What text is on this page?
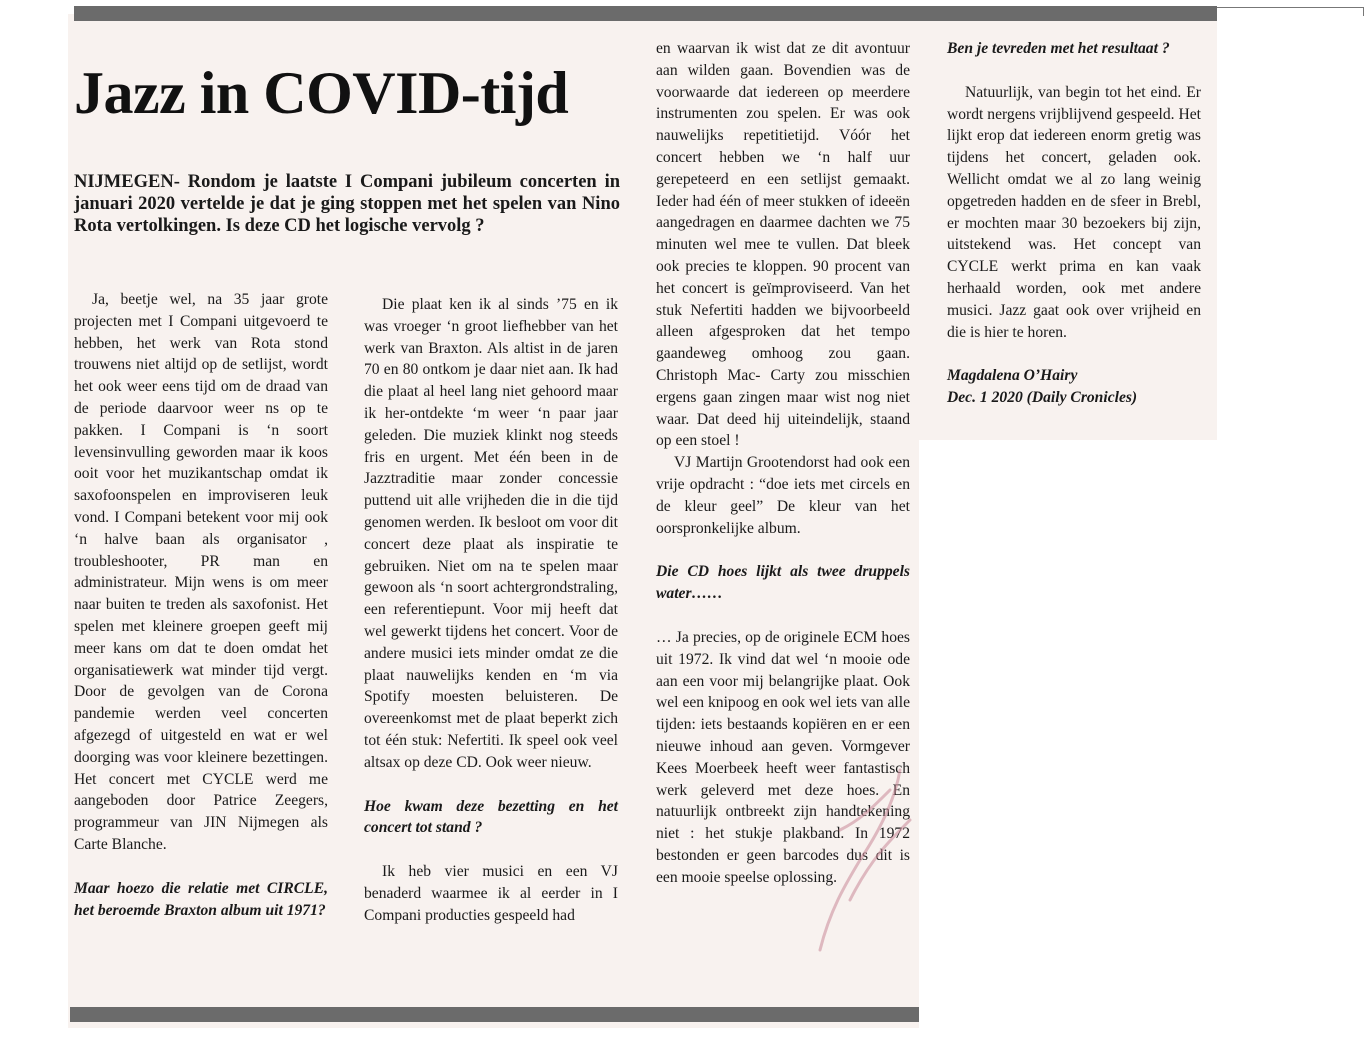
Jazz in COVID-tijd

NIJMEGEN- Rondom je laatste I Compani jubileum concerten in januari 2020 vertelde je dat je ging stoppen met het spelen van Nino Rota vertolkingen. Is deze CD het logische vervolg ?

Ja, beetje wel, na 35 jaar grote projecten met I Compani uitgevoerd te hebben, het werk van Rota stond trouwens niet altijd op de setlijst, wordt het ook weer eens tijd om de draad van de periode daarvoor weer ns op te pakken. I Compani is ‘n soort levensinvulling geworden maar ik koos ooit voor het muzikantschap omdat ik saxofoonspelen en improviseren leuk vond. I Compani betekent voor mij ook ‘n halve baan als organisator , troubleshooter, PR man en administrateur. Mijn wens is om meer naar buiten te treden als saxofonist. Het spelen met kleinere groepen geeft mij meer kans om dat te doen omdat het organisatiewerk wat minder tijd vergt. Door de gevolgen van de Corona pandemie werden veel concerten afgezegd of uitgesteld en wat er wel doorging was voor kleinere bezettingen. Het concert met CYCLE werd me aangeboden door Patrice Zeegers, programmeur van JIN Nijmegen als Carte Blanche.

Maar hoezo die relatie met CIRCLE, het beroemde Braxton album uit 1971?

Die plaat ken ik al sinds ’75 en ik was vroeger ‘n groot liefhebber van het werk van Braxton. Als altist in de jaren 70 en 80 ontkom je daar niet aan. Ik had die plaat al heel lang niet gehoord maar ik her-ontdekte ‘m weer ‘n paar jaar geleden. Die muziek klinkt nog steeds fris en urgent. Met één been in de Jazztraditie maar zonder concessie puttend uit alle vrijheden die in die tijd genomen werden. Ik besloot om voor dit concert deze plaat als inspiratie te gebruiken. Niet om na te spelen maar gewoon als ‘n soort achtergrondstraling, een referentiepunt. Voor mij heeft dat wel gewerkt tijdens het concert. Voor de andere musici iets minder omdat ze die plaat nauwelijks kenden en ‘m via Spotify moesten beluisteren. De overeenkomst met de plaat beperkt zich tot één stuk: Nefertiti. Ik speel ook veel altsax op deze CD. Ook weer nieuw.

Hoe kwam deze bezetting en het concert tot stand ?

Ik heb vier musici en een VJ benaderd waarmee ik al eerder in I Compani producties gespeeld had

en waarvan ik wist dat ze dit avontuur aan wilden gaan. Bovendien was de voorwaarde dat iedereen op meerdere instrumenten zou spelen. Er was ook nauwelijks repetitietijd. Vóór het concert hebben we ‘n half uur gerepeteerd en een setlijst gemaakt. Ieder had één of meer stukken of ideeën aangedragen en daarmee dachten we 75 minuten wel mee te vullen. Dat bleek ook precies te kloppen. 90 procent van het concert is geïmproviseerd. Van het stuk Nefertiti hadden we bijvoorbeeld alleen afgesproken dat het tempo gaandeweg omhoog zou gaan. Christoph Mac- Carty zou misschien ergens gaan zingen maar wist nog niet waar. Dat deed hij uiteindelijk, staand op een stoel !

VJ Martijn Grootendorst had ook een vrije opdracht : “doe iets met circels en de kleur geel” De kleur van het oorspronkelijke album.

Die CD hoes lijkt als twee druppels water……

… Ja precies, op de originele ECM hoes uit 1972. Ik vind dat wel ‘n mooie ode aan een voor mij belangrijke plaat. Ook wel een knipoog en ook wel iets van alle tijden: iets bestaands kopiëren en er een nieuwe inhoud aan geven. Vormgever Kees Moerbeek heeft weer fantastisch werk geleverd met deze hoes. En natuurlijk ontbreekt zijn handtekening niet : het stukje plakband. In 1972 bestonden er geen barcodes dus dit is een mooie speelse oplossing.

Ben je tevreden met het resultaat ?

Natuurlijk, van begin tot het eind. Er wordt nergens vrijblijvend gespeeld. Het lijkt erop dat iedereen enorm gretig was tijdens het concert, geladen ook. Wellicht omdat we al zo lang weinig opgetreden hadden en de sfeer in Brebl, er mochten maar 30 bezoekers bij zijn, uitstekend was. Het concept van CYCLE werkt prima en kan vaak herhaald worden, ook met andere musici. Jazz gaat ook over vrijheid en die is hier te horen.

Magdalena O’Hairy

Dec. 1 2020 (Daily Cronicles)
